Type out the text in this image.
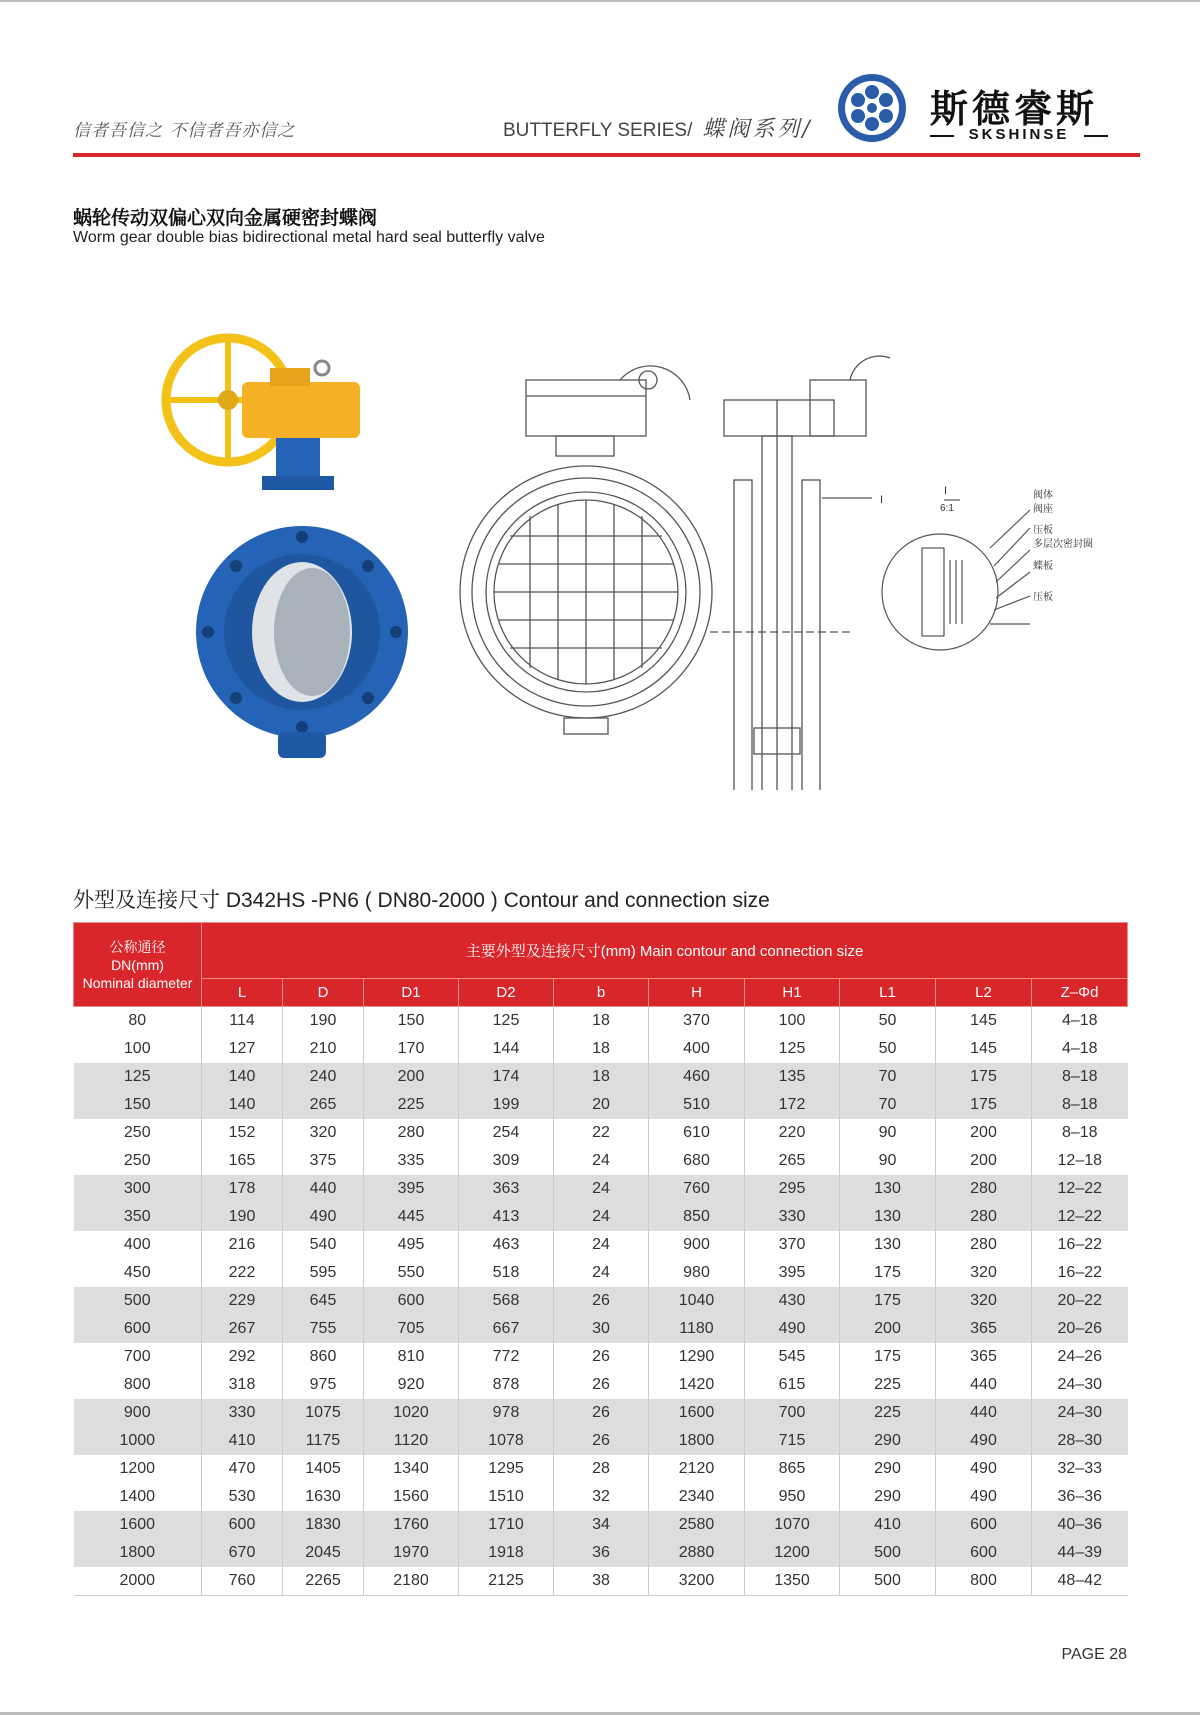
信者吾信之 不信者吾亦信之	BUTTERFLY SERIES/ 蝶阀系列/	斯德睿斯
SKSHINSE
蜗轮传动双偏心双向金属硬密封蝶阀
Worm gear double bias bidirectional metal hard seal butterfly valve
I
I
6:1
阀体
阀座
压板
多层次密封圈
蝶板
压板
外型及连接尺寸 D342HS -PN6 ( DN80-2000 ) Contour and connection size
公称通径
DN(mm)
Nominal diameter	主要外型及连接尺寸(mm) Main contour and connection size									
	L	D	D1	D2	b	H	H1	L1	L2	Z–Φd
80	114	190	150	125	18	370	100	50	145	4–18
100	127	210	170	144	18	400	125	50	145	4–18
125	140	240	200	174	18	460	135	70	175	8–18
150	140	265	225	199	20	510	172	70	175	8–18
250	152	320	280	254	22	610	220	90	200	8–18
250	165	375	335	309	24	680	265	90	200	12–18
300	178	440	395	363	24	760	295	130	280	12–22
350	190	490	445	413	24	850	330	130	280	12–22
400	216	540	495	463	24	900	370	130	280	16–22
450	222	595	550	518	24	980	395	175	320	16–22
500	229	645	600	568	26	1040	430	175	320	20–22
600	267	755	705	667	30	1180	490	200	365	20–26
700	292	860	810	772	26	1290	545	175	365	24–26
800	318	975	920	878	26	1420	615	225	440	24–30
900	330	1075	1020	978	26	1600	700	225	440	24–30
1000	410	1175	1120	1078	26	1800	715	290	490	28–30
1200	470	1405	1340	1295	28	2120	865	290	490	32–33
1400	530	1630	1560	1510	32	2340	950	290	490	36–36
1600	600	1830	1760	1710	34	2580	1070	410	600	40–36
1800	670	2045	1970	1918	36	2880	1200	500	600	44–39
2000	760	2265	2180	2125	38	3200	1350	500	800	48–42
PAGE 28
